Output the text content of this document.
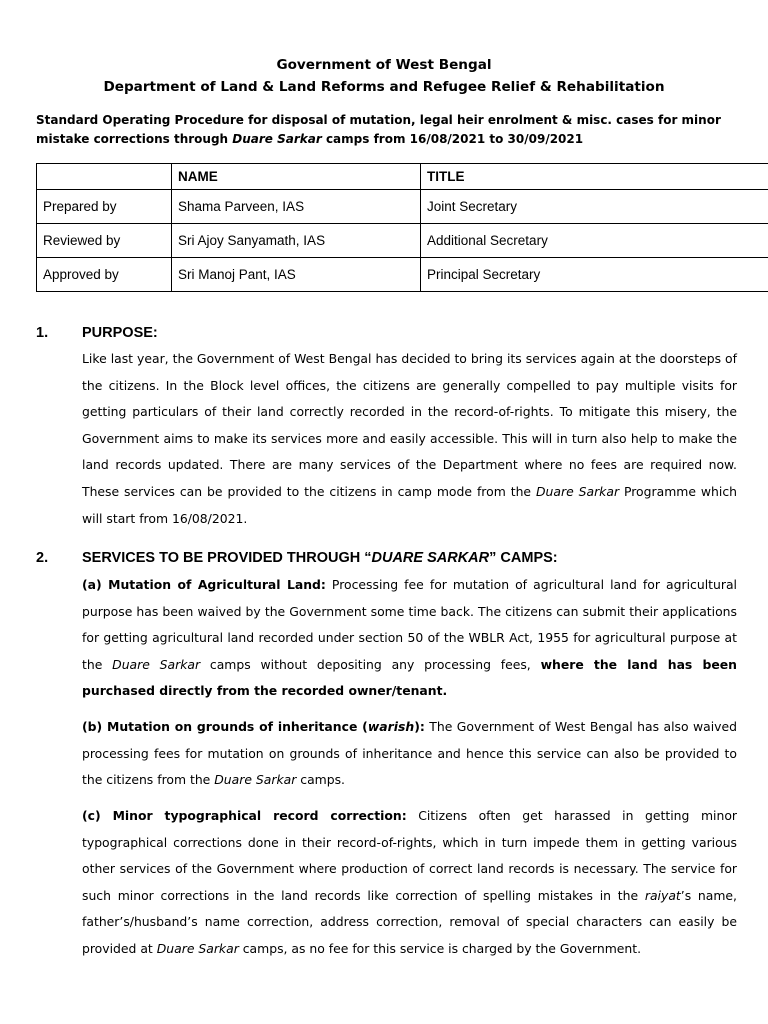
Government of West Bengal
Department of Land & Land Reforms and Refugee Relief & Rehabilitation
Standard Operating Procedure for disposal of mutation, legal heir enrolment & misc. cases for minor mistake corrections through Duare Sarkar camps from 16/08/2021 to 30/09/2021
	NAME	TITLE
Prepared by	Shama Parveen, IAS	Joint Secretary
Reviewed by	Sri Ajoy Sanyamath, IAS	Additional Secretary
Approved by	Sri Manoj Pant, IAS	Principal Secretary
1. PURPOSE:
Like last year, the Government of West Bengal has decided to bring its services again at the doorsteps of the citizens. In the Block level offices, the citizens are generally compelled to pay multiple visits for getting particulars of their land correctly recorded in the record-of-rights. To mitigate this misery, the Government aims to make its services more and easily accessible. This will in turn also help to make the land records updated. There are many services of the Department where no fees are required now. These services can be provided to the citizens in camp mode from the Duare Sarkar Programme which will start from 16/08/2021.
2. SERVICES TO BE PROVIDED THROUGH “DUARE SARKAR” CAMPS:
(a) Mutation of Agricultural Land: Processing fee for mutation of agricultural land for agricultural purpose has been waived by the Government some time back. The citizens can submit their applications for getting agricultural land recorded under section 50 of the WBLR Act, 1955 for agricultural purpose at the Duare Sarkar camps without depositing any processing fees, where the land has been purchased directly from the recorded owner/tenant.
(b) Mutation on grounds of inheritance (warish): The Government of West Bengal has also waived processing fees for mutation on grounds of inheritance and hence this service can also be provided to the citizens from the Duare Sarkar camps.
(c) Minor typographical record correction: Citizens often get harassed in getting minor typographical corrections done in their record-of-rights, which in turn impede them in getting various other services of the Government where production of correct land records is necessary. The service for such minor corrections in the land records like correction of spelling mistakes in the raiyat’s name, father’s/husband’s name correction, address correction, removal of special characters can easily be provided at Duare Sarkar camps, as no fee for this service is charged by the Government.
